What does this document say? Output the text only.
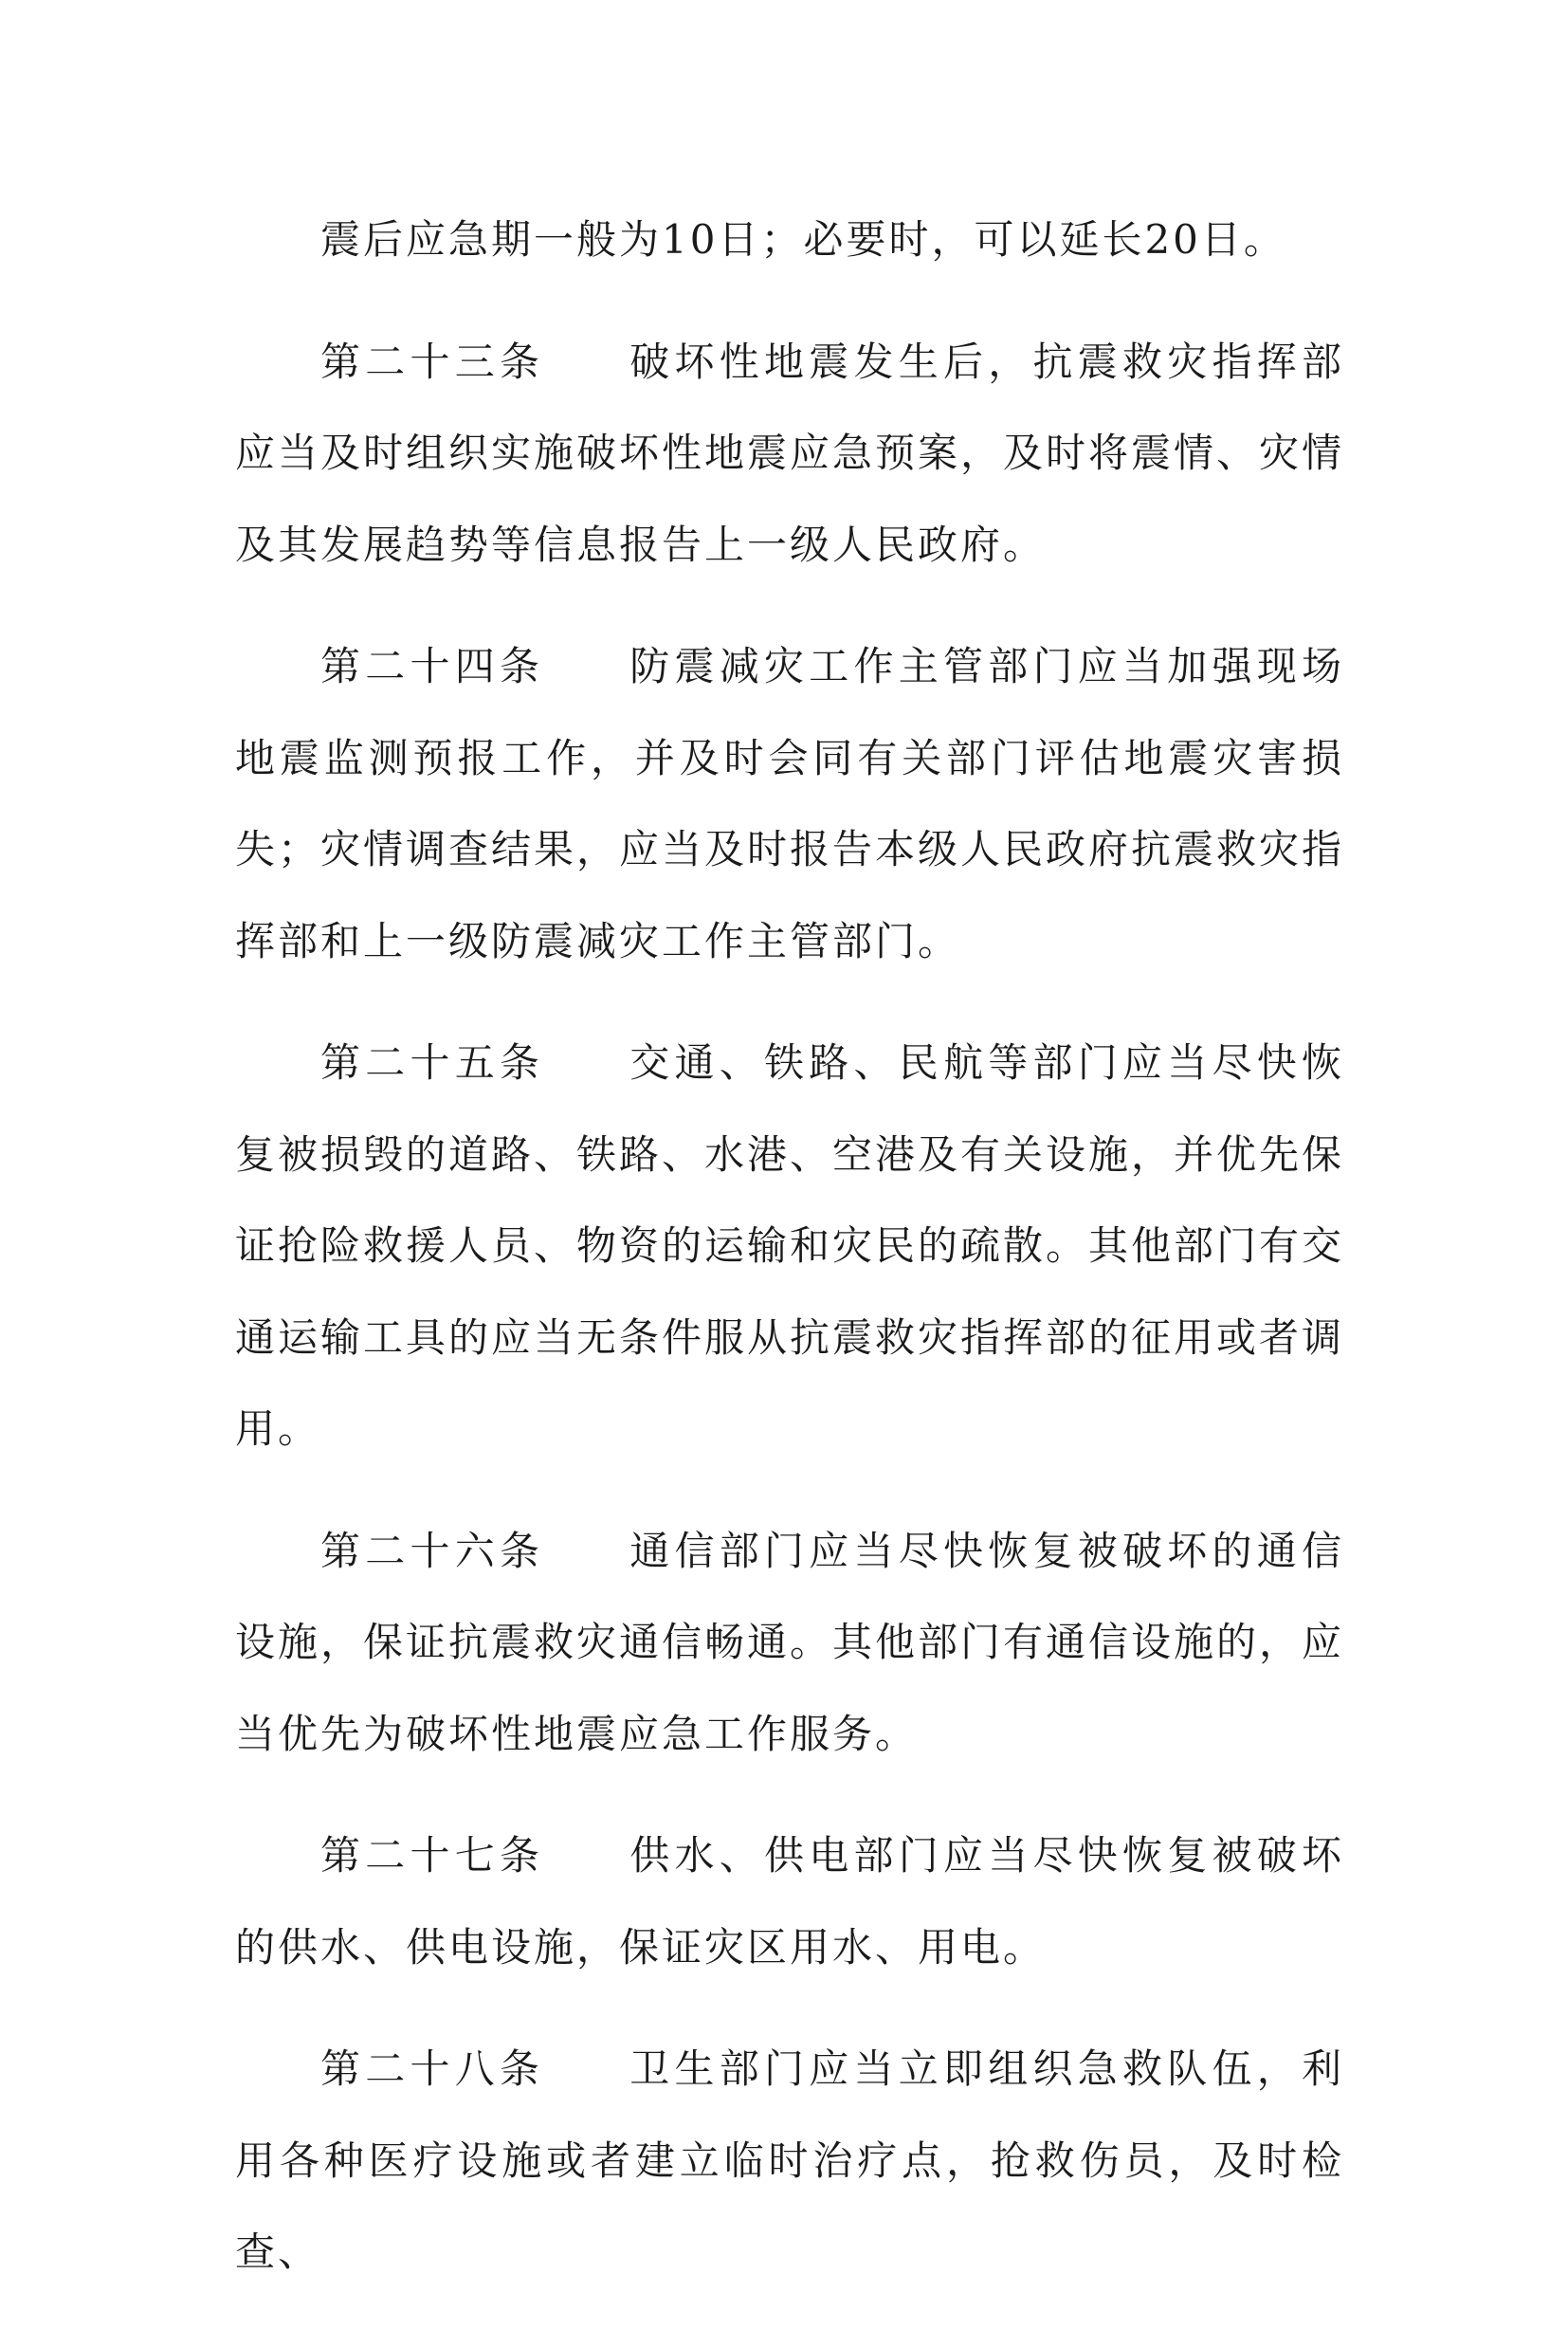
震后应急期一般为10日；必要时，可以延长20日。

第二十三条 破坏性地震发生后，抗震救灾指挥部应当及时组织实施破坏性地震应急预案，及时将震情、灾情及其发展趋势等信息报告上一级人民政府。

第二十四条 防震减灾工作主管部门应当加强现场地震监测预报工作，并及时会同有关部门评估地震灾害损失；灾情调查结果，应当及时报告本级人民政府抗震救灾指挥部和上一级防震减灾工作主管部门。

第二十五条 交通、铁路、民航等部门应当尽快恢复被损毁的道路、铁路、水港、空港及有关设施，并优先保证抢险救援人员、物资的运输和灾民的疏散。其他部门有交通运输工具的应当无条件服从抗震救灾指挥部的征用或者调用。

第二十六条 通信部门应当尽快恢复被破坏的通信设施，保证抗震救灾通信畅通。其他部门有通信设施的，应当优先为破坏性地震应急工作服务。

第二十七条 供水、供电部门应当尽快恢复被破坏的供水、供电设施，保证灾区用水、用电。

第二十八条 卫生部门应当立即组织急救队伍，利用各种医疗设施或者建立临时治疗点，抢救伤员，及时检查、
